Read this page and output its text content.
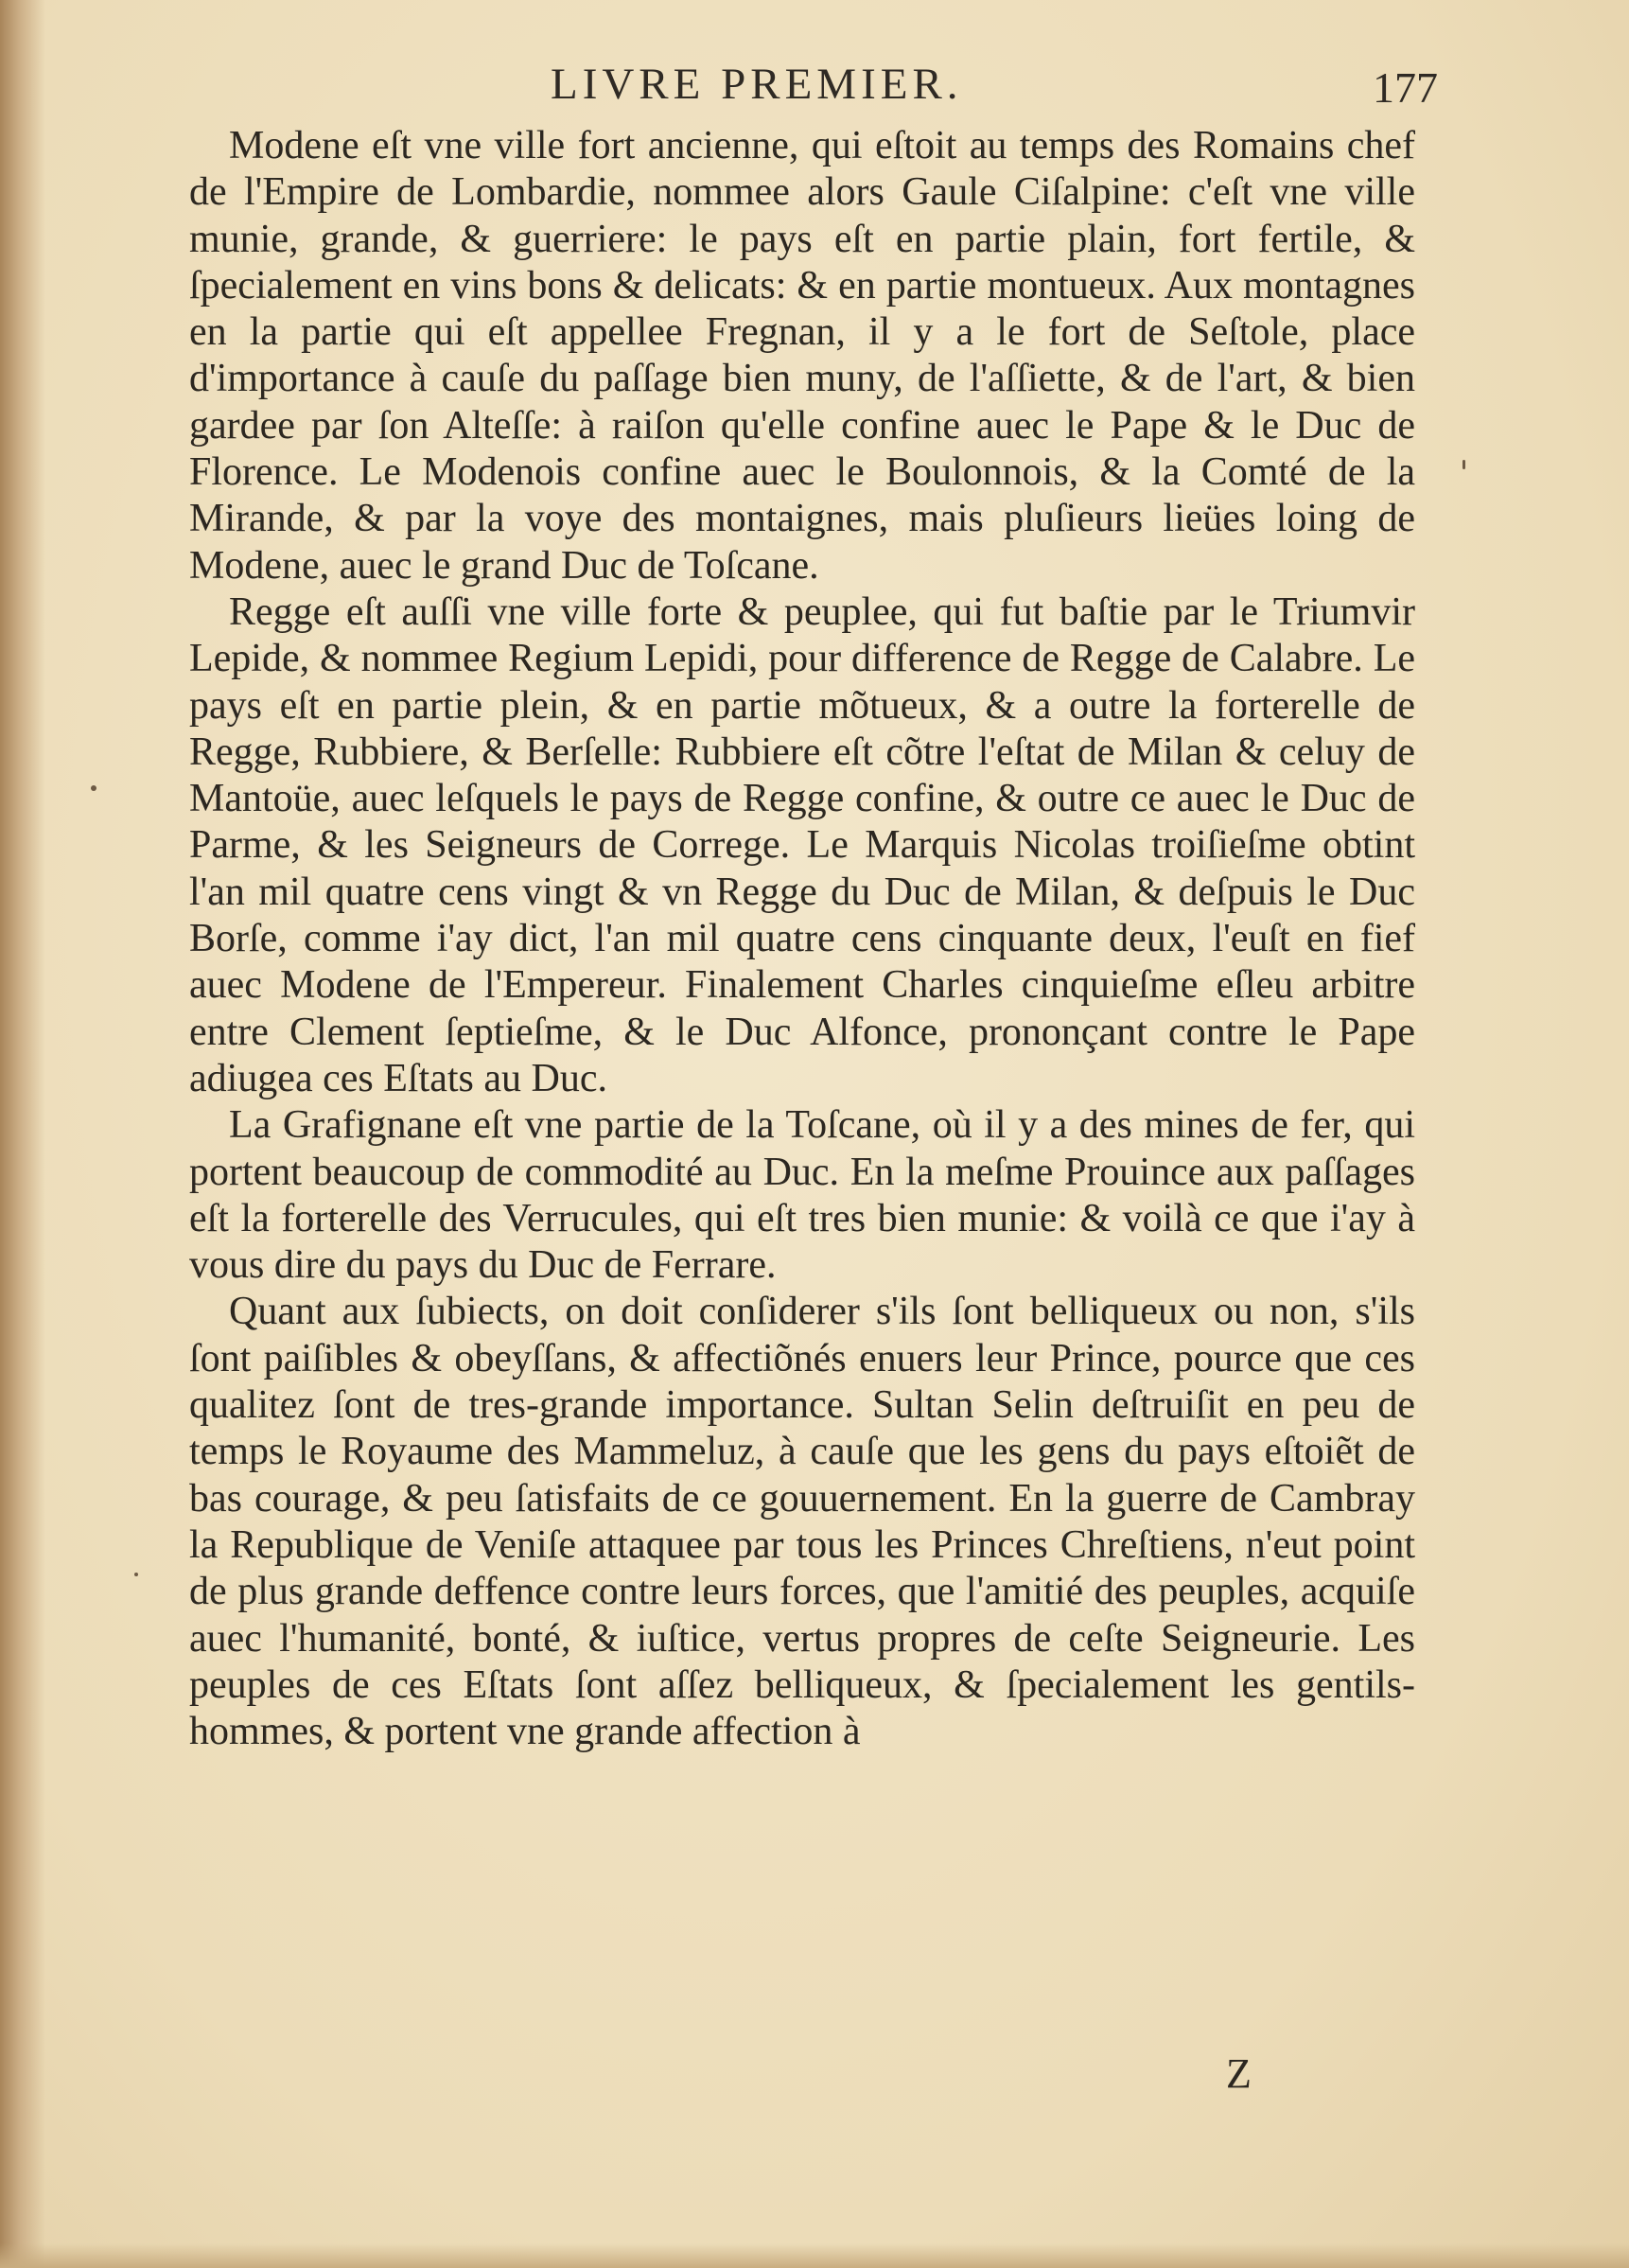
LIVRE PREMIER.	177

Modene eſt vne ville fort ancienne, qui eſtoit au temps des Romains chef de l'Empire de Lombardie, nommee alors Gaule Ciſalpine: c'eſt vne ville munie, grande, & guerriere: le pays eſt en partie plain, fort fertile, & ſpecialement en vins bons & delicats: & en partie montueux. Aux montagnes en la partie qui eſt appellee Fregnan, il y a le fort de Seſtole, place d'importance à cauſe du paſſage bien muny, de l'aſſiette, & de l'art, & bien gardee par ſon Alteſſe: à raiſon qu'elle confine auec le Pape & le Duc de Florence. Le Modenois confine auec le Boulonnois, & la Comté de la Mirande, & par la voye des montaignes, mais pluſieurs lieües loing de Modene, auec le grand Duc de Toſcane.

Regge eſt auſſi vne ville forte & peuplee, qui fut baſtie par le Triumvir Lepide, & nommee Regium Lepidi, pour difference de Regge de Calabre. Le pays eſt en partie plein, & en partie mõtueux, & a outre la forterelle de Regge, Rubbiere, & Berſelle: Rubbiere eſt cõtre l'eſtat de Milan & celuy de Mantoüe, auec leſquels le pays de Regge confine, & outre ce auec le Duc de Parme, & les Seigneurs de Correge. Le Marquis Nicolas troiſieſme obtint l'an mil quatre cens vingt & vn Regge du Duc de Milan, & deſpuis le Duc Borſe, comme i'ay dict, l'an mil quatre cens cinquante deux, l'euſt en fief auec Modene de l'Empereur. Finalement Charles cinquieſme eſleu arbitre entre Clement ſeptieſme, & le Duc Alfonce, prononçant contre le Pape adiugea ces Eſtats au Duc.

La Grafignane eſt vne partie de la Toſcane, où il y a des mines de fer, qui portent beaucoup de commodité au Duc. En la meſme Prouince aux paſſages eſt la forterelle des Verrucules, qui eſt tres bien munie: & voilà ce que i'ay à vous dire du pays du Duc de Ferrare.

Quant aux ſubiects, on doit conſiderer s'ils ſont belliqueux ou non, s'ils ſont paiſibles & obeyſſans, & affectiõnés enuers leur Prince, pource que ces qualitez ſont de tres-grande importance. Sultan Selin deſtruiſit en peu de temps le Royaume des Mammeluz, à cauſe que les gens du pays eſtoiẽt de bas courage, & peu ſatisfaits de ce gouuernement. En la guerre de Cambray la Republique de Veniſe attaquee par tous les Princes Chreſtiens, n'eut point de plus grande deffence contre leurs forces, que l'amitié des peuples, acquiſe auec l'humanité, bonté, & iuſtice, vertus propres de ceſte Seigneurie. Les peuples de ces Eſtats ſont aſſez belliqueux, & ſpecialement les gentils-hommes, & portent vne grande affection à

Z
